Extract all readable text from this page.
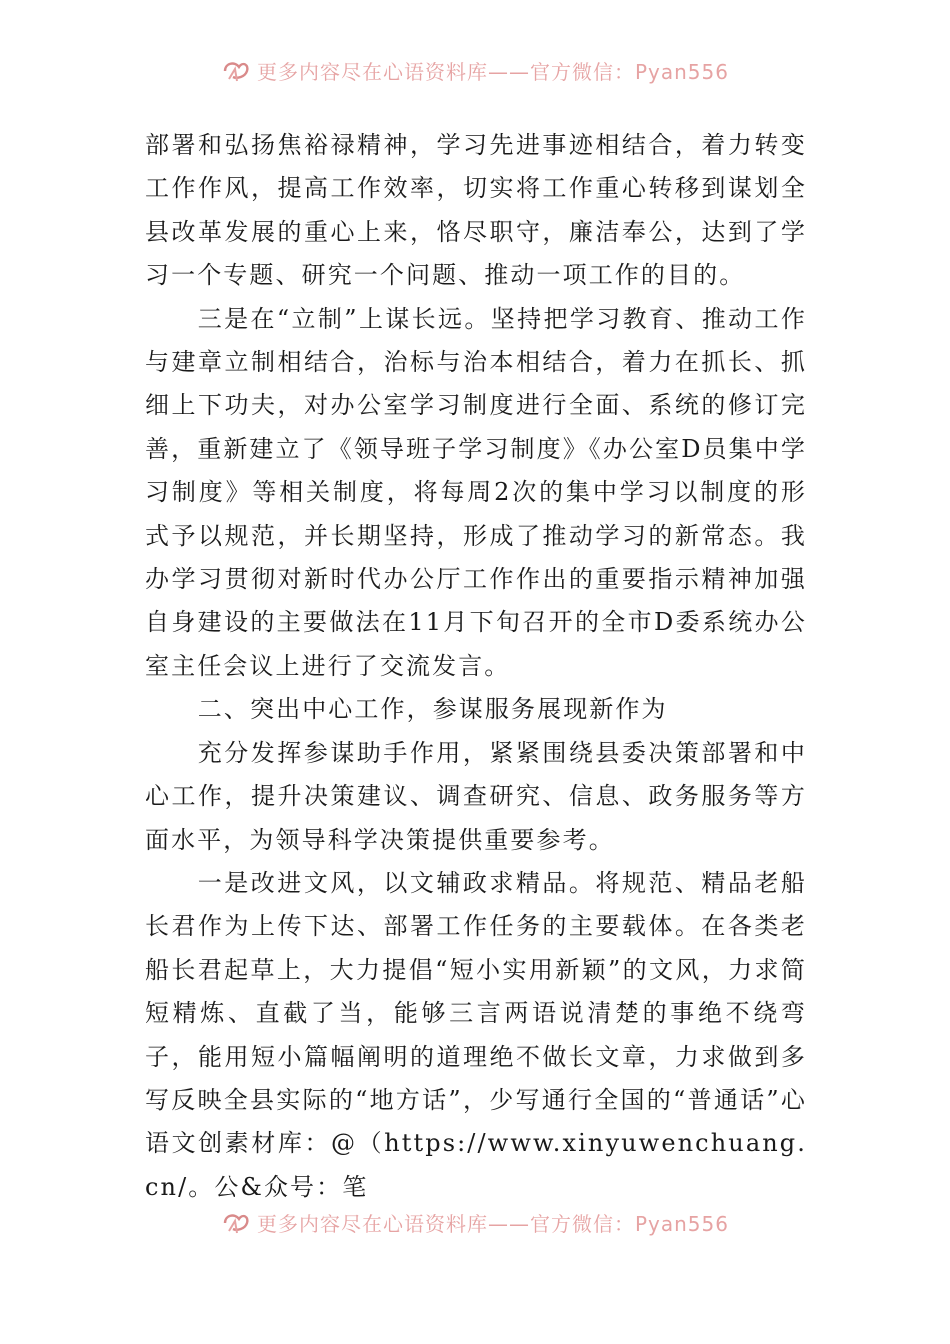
更多内容尽在心语资料库——官方微信：Pyan556

部署和弘扬焦裕禄精神，学习先进事迹相结合，着力转变工作作风，提高工作效率，切实将工作重心转移到谋划全县改革发展的重心上来，恪尽职守，廉洁奉公，达到了学习一个专题、研究一个问题、推动一项工作的目的。

三是在“立制”上谋长远。坚持把学习教育、推动工作与建章立制相结合，治标与治本相结合，着力在抓长、抓细上下功夫，对办公室学习制度进行全面、系统的修订完善，重新建立了《领导班子学习制度》《办公室D员集中学习制度》等相关制度，将每周2次的集中学习以制度的形式予以规范，并长期坚持，形成了推动学习的新常态。我办学习贯彻对新时代办公厅工作作出的重要指示精神加强自身建设的主要做法在11月下旬召开的全市D委系统办公室主任会议上进行了交流发言。

二、突出中心工作，参谋服务展现新作为

充分发挥参谋助手作用，紧紧围绕县委决策部署和中心工作，提升决策建议、调查研究、信息、政务服务等方面水平，为领导科学决策提供重要参考。

一是改进文风，以文辅政求精品。将规范、精品老船长君作为上传下达、部署工作任务的主要载体。在各类老船长君起草上，大力提倡“短小实用新颖”的文风，力求简短精炼、直截了当，能够三言两语说清楚的事绝不绕弯子，能用短小篇幅阐明的道理绝不做长文章，力求做到多写反映全县实际的“地方话”，少写通行全国的“普通话”心语文创素材库：@（https://www.xinyuwenchuang.cn/。公&众号：笔

更多内容尽在心语资料库——官方微信：Pyan556
